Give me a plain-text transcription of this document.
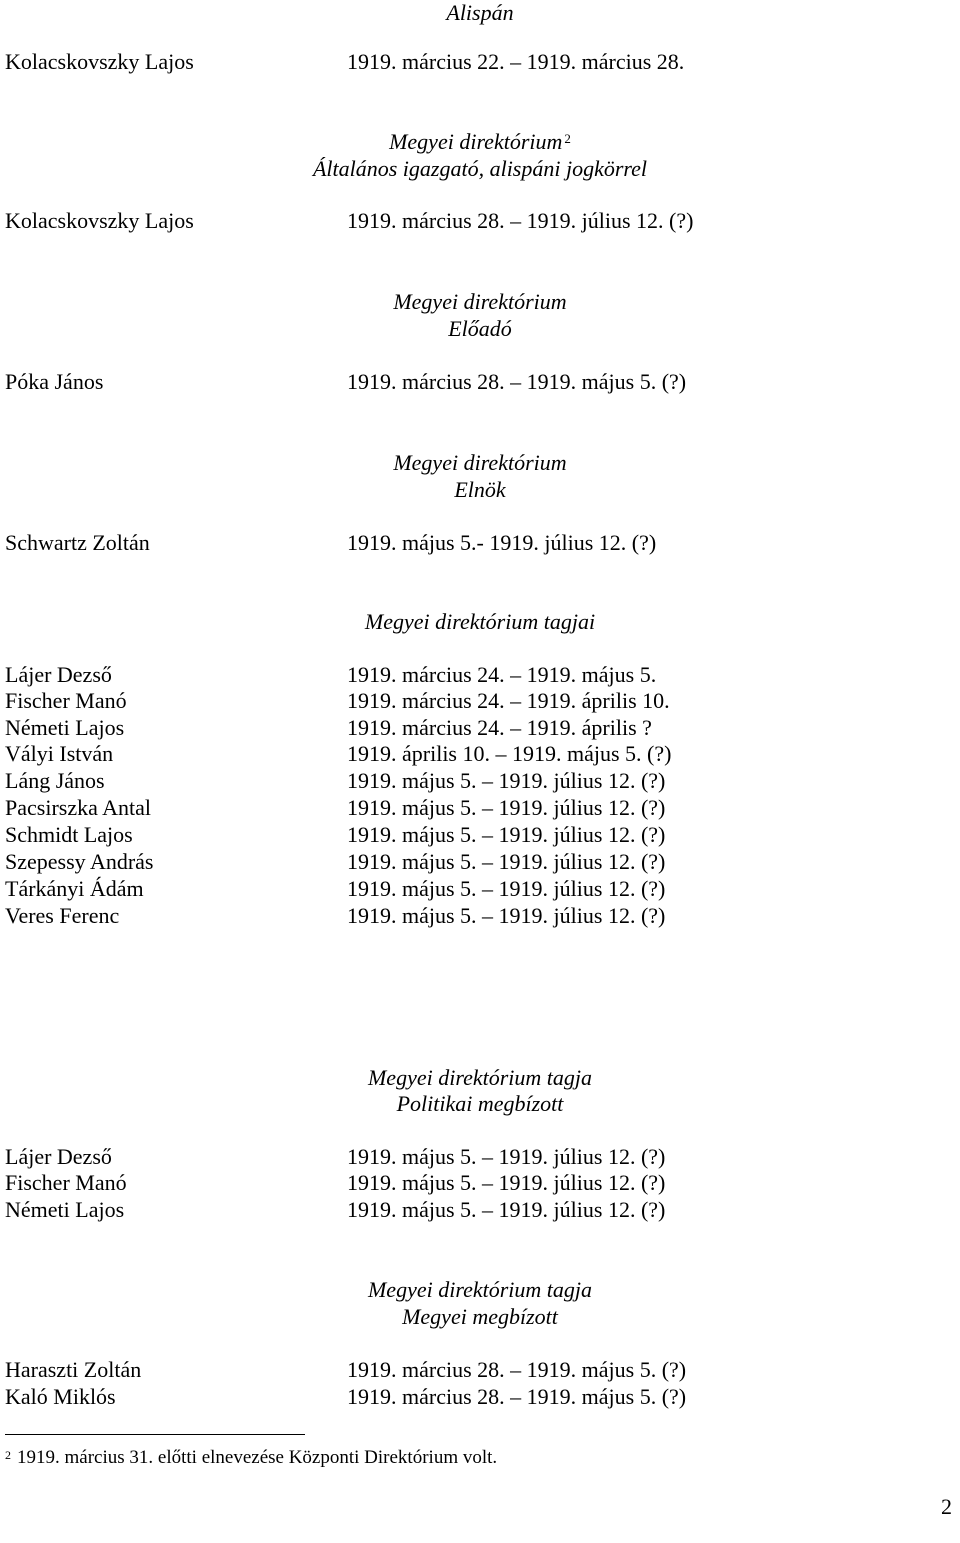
Alispán
Kolacskovszky Lajos	1919. március 22. – 1919. március 28.
Megyei direktórium $^2$
Általános igazgató, alispáni jogkörrel
Kolacskovszky Lajos	1919. március 28. – 1919. július 12. (?)
Megyei direktórium
Előadó
Póka János	1919. március 28. – 1919. május 5. (?)
Megyei direktórium
Elnök
Schwartz Zoltán	1919. május 5.- 1919. július 12. (?)
Megyei direktórium tagjai
Lájer Dezső	1919. március 24. – 1919. május 5.
Fischer Manó	1919. március 24. – 1919. április 10.
Németi Lajos	1919. március 24. – 1919. április ?
Vályi István	1919. április 10. – 1919. május 5. (?)
Láng János	1919. május 5. – 1919. július 12. (?)
Pacsirszka Antal	1919. május 5. – 1919. július 12. (?)
Schmidt Lajos	1919. május 5. – 1919. július 12. (?)
Szepessy András	1919. május 5. – 1919. július 12. (?)
Tárkányi Ádám	1919. május 5. – 1919. július 12. (?)
Veres Ferenc	1919. május 5. – 1919. július 12. (?)
Megyei direktórium tagja
Politikai megbízott
Lájer Dezső	1919. május 5. – 1919. július 12. (?)
Fischer Manó	1919. május 5. – 1919. július 12. (?)
Németi Lajos	1919. május 5. – 1919. július 12. (?)
Megyei direktórium tagja
Megyei megbízott
Haraszti Zoltán	1919. március 28. – 1919. május 5. (?)
Kaló Miklós	1919. március 28. – 1919. május 5. (?)
$^2$ 1919. március 31. előtti elnevezése Központi Direktórium volt.
2
